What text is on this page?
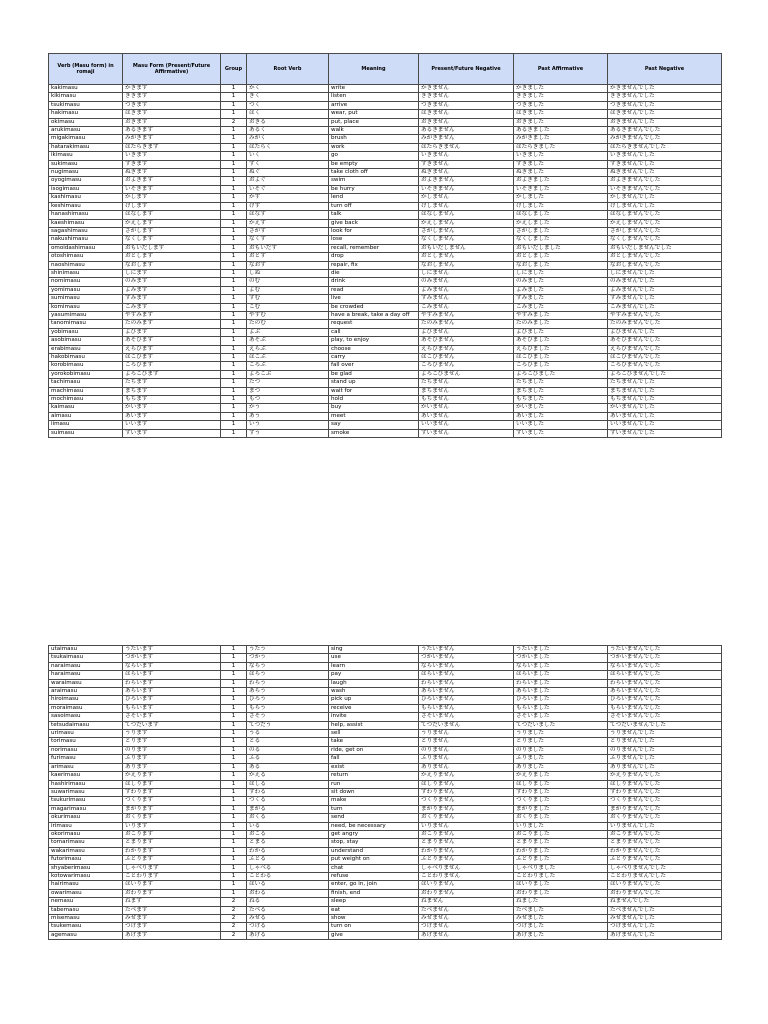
Verb (Masu form) in romaji	Masu Form (Present/Future Affirmative)	Group	Root Verb	Meaning	Present/Future Negative	Past Affirmative	Past Negative
kakimasu	かきます	1	かく	write	かきません	かきました	かきませんでした
kikimasu	ききます	1	きく	listen	ききません	ききました	ききませんでした
tsukimasu	つきます	1	つく	arrive	つきません	つきました	つきませんでした
hakimasu	はきます	1	はく	wear, put	はきません	はきました	はきませんでした
okimasu	おきます	2	おきる	put, place	おきません	おきました	おきませんでした
arukimasu	あるきます	1	あるく	walk	あるきません	あるきました	あるきませんでした
migakimasu	みがきます	1	みがく	brush	みがきません	みがきました	みがきませんでした
hatarakimasu	はたらきます	1	はたらく	work	はたらきません	はたらきました	はたらきませんでした
ikimasu	いきます	1	いく	go	いきません	いきました	いきませんでした
sukimasu	すきます	1	すく	be empty	すきません	すきました	すきませんでした
nugimasu	ぬぎます	1	ぬぐ	take cloth off	ぬぎません	ぬぎました	ぬぎませんでした
oyogimasu	およぎます	1	およぐ	swim	およぎません	およぎました	およぎませんでした
isogimasu	いそぎます	1	いそぐ	be hurry	いそぎません	いそぎました	いそぎませんでした
kashimasu	かします	1	かす	lend	かしません	かしました	かしませんでした
keshimasu	けします	1	けす	turn off	けしません	けしました	けしませんでした
hanashimasu	はなします	1	はなす	talk	はなしません	はなしました	はなしませんでした
kaeshimasu	かえします	1	かえす	give back	かえしません	かえしました	かえしませんでした
sagashimasu	さがします	1	さがす	look for	さがしません	さがしました	さがしませんでした
nakushimasu	なくします	1	なくす	lose	なくしません	なくしました	なくしませんでした
omoidashimasu	おもいだします	1	おもいだす	recall, remember	おもいだしません	おもいだしました	おもいだしませんでした
otoshimasu	おとします	1	おとす	drop	おとしません	おとしました	おとしませんでした
naoshimasu	なおします	1	なおす	repair, fix	なおしません	なおしました	なおしませんでした
shinimasu	しにます	1	しぬ	die	しにません	しにました	しにませんでした
nomimasu	のみます	1	のむ	drink	のみません	のみました	のみませんでした
yomimasu	よみます	1	よむ	read	よみません	よみました	よみませんでした
sumimasu	すみます	1	すむ	live	すみません	すみました	すみませんでした
komimasu	こみます	1	こむ	be crowded	こみません	こみました	こみませんでした
yasumimasu	やすみます	1	やすむ	have a break, take a day off	やすみません	やすみました	やすみませんでした
tanomimasu	たのみます	1	たのむ	request	たのみません	たのみました	たのみませんでした
yobimasu	よびます	1	よぶ	call	よびません	よびました	よびませんでした
asobimasu	あそびます	1	あそぶ	play, to enjoy	あそびません	あそびました	あそびませんでした
erabimasu	えらびます	1	えらぶ	choose	えらびません	えらびました	えらびませんでした
hakobimasu	はこびます	1	はこぶ	carry	はこびません	はこびました	はこびませんでした
korobimasu	ころびます	1	ころぶ	fall over	ころびません	ころびました	ころびませんでした
yorokobimasu	よろこびます	1	よろこぶ	be glad	よろこびません	よろこびました	よろこびませんでした
tachimasu	たちます	1	たつ	stand up	たちません	たちました	たちませんでした
machimasu	まちます	1	まつ	wait for	まちません	まちました	まちませんでした
mochimasu	もちます	1	もつ	hold	もちません	もちました	もちませんでした
kaimasu	かいます	1	かう	buy	かいません	かいました	かいませんでした
aimasu	あいます	1	あう	meet	あいません	あいました	あいませんでした
iimasu	いいます	1	いう	say	いいません	いいました	いいませんでした
suimasu	すいます	1	すう	smoke	すいません	すいました	すいませんでした
utaimasu	うたいます	1	うたう	sing	うたいません	うたいました	うたいませんでした
tsukaimasu	つかいます	1	つかう	use	つかいません	つかいました	つかいませんでした
naraimasu	ならいます	1	ならう	learn	ならいません	ならいました	ならいませんでした
haraimasu	はらいます	1	はらう	pay	はらいません	はらいました	はらいませんでした
waraimasu	わらいます	1	わらう	laugh	わらいません	わらいました	わらいませんでした
araimasu	あらいます	1	あらう	wash	あらいません	あらいました	あらいませんでした
hiroimasu	ひろいます	1	ひろう	pick up	ひろいません	ひろいました	ひろいませんでした
moraimasu	もらいます	1	もらう	receive	もらいません	もらいました	もらいませんでした
sasoimasu	さそいます	1	さそう	invite	さそいません	さそいました	さそいませんでした
tetsudaimasu	てつだいます	1	てつだう	help, assist	てつだいません	てつだいました	てつだいませんでした
urimasu	うります	1	うる	sell	うりません	うりました	うりませんでした
torimasu	とります	1	とる	take	とりません	とりました	とりませんでした
norimasu	のります	1	のる	ride, get on	のりません	のりました	のりませんでした
furimasu	ふります	1	ふる	fall	ふりません	ふりました	ふりませんでした
arimasu	あります	1	ある	exist	ありません	ありました	ありませんでした
kaerimasu	かえります	1	かえる	return	かえりません	かえりました	かえりませんでした
hashirimasu	はしります	1	はしる	run	はしりません	はしりました	はしりませんでした
suwarimasu	すわります	1	すわる	sit down	すわりません	すわりました	すわりませんでした
tsukurimasu	つくります	1	つくる	make	つくりません	つくりました	つくりませんでした
magarimasu	まがります	1	まがる	turn	まがりません	まがりました	まがりませんでした
okurimasu	おくります	1	おくる	send	おくりません	おくりました	おくりませんでした
irimasu	いります	1	いる	need, be necessary	いりません	いりました	いりませんでした
okorimasu	おこります	1	おこる	get angry	おこりません	おこりました	おこりませんでした
tomarimasu	とまります	1	とまる	stop, stay	とまりません	とまりました	とまりませんでした
wakarimasu	わかります	1	わかる	understand	わかりません	わかりました	わかりませんでした
futorimasu	ふとります	1	ふとる	put weight on	ふとりません	ふとりました	ふとりませんでした
shyaberimasu	しゃべります	1	しゃべる	chat	しゃべりません	しゃべりました	しゃべりませんでした
kotowarimasu	ことわります	1	ことわる	refuse	ことわりません	ことわりました	ことわりませんでした
hairimasu	はいります	1	はいる	enter, go in, join	はいりません	はいりました	はいりませんでした
owarimasu	おわります	1	おわる	finish, end	おわりません	おわりました	おわりませんでした
nemasu	ねます	2	ねる	sleep	ねません	ねました	ねませんでした
tabemasu	たべます	2	たべる	eat	たべません	たべました	たべませんでした
misemasu	みせます	2	みせる	show	みせません	みせました	みせませんでした
tsukemasu	つけます	2	つける	turn on	つけません	つけました	つけませんでした
agemasu	あげます	2	あげる	give	あげません	あげました	あげませんでした
